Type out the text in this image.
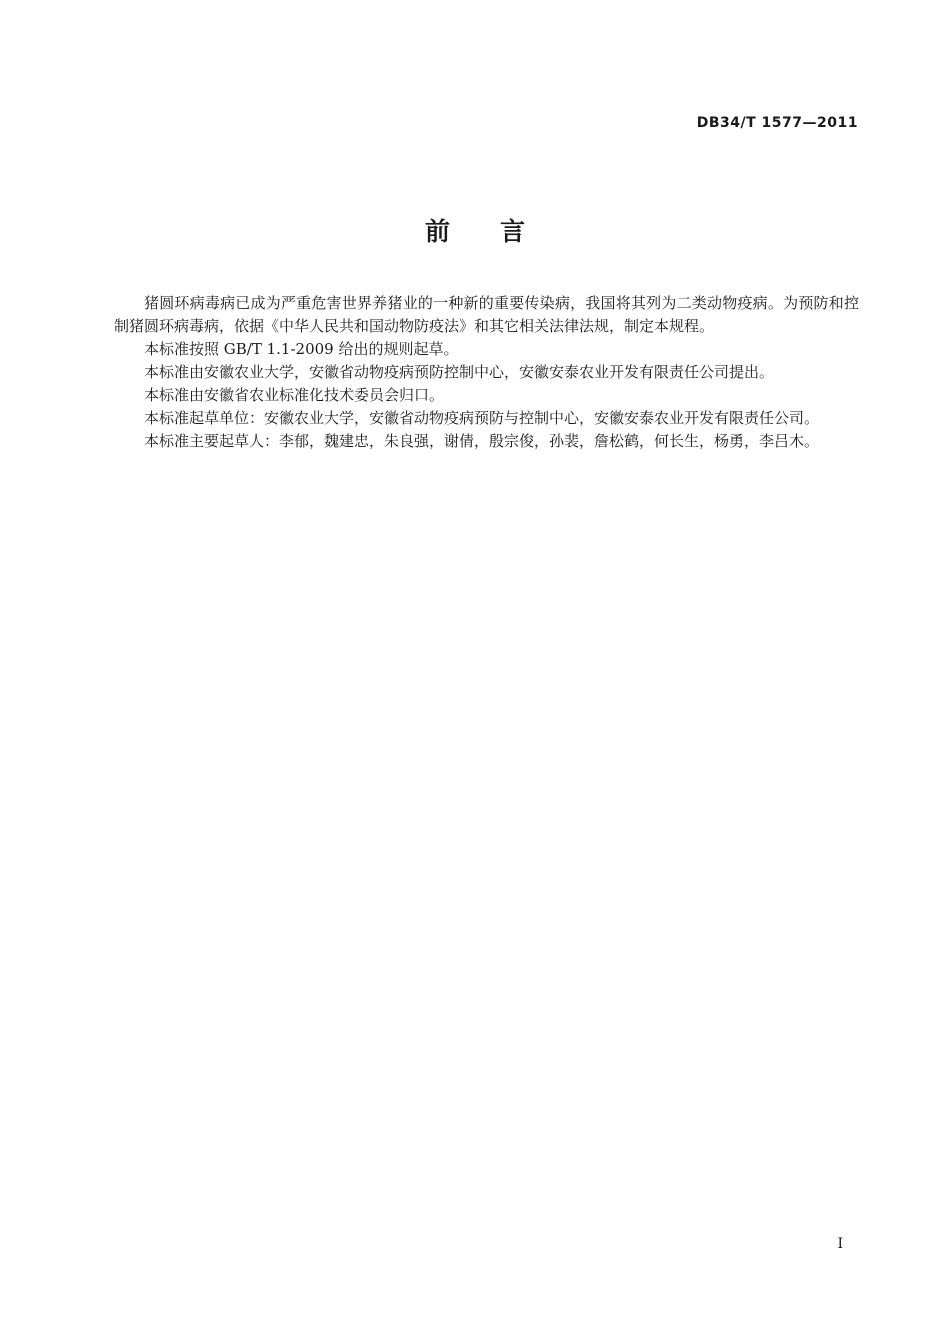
DB34/T 1577—2011
前言

猪圆环病毒病已成为严重危害世界养猪业的一种新的重要传染病，我国将其列为二类动物疫病。为预防和控制猪圆环病毒病，依据《中华人民共和国动物防疫法》和其它相关法律法规，制定本规程。

本标准按照 GB/T 1.1-2009 给出的规则起草。

本标准由安徽农业大学，安徽省动物疫病预防控制中心，安徽安泰农业开发有限责任公司提出。

本标准由安徽省农业标准化技术委员会归口。

本标准起草单位：安徽农业大学，安徽省动物疫病预防与控制中心，安徽安泰农业开发有限责任公司。

本标准主要起草人：李郁，魏建忠，朱良强，谢倩，殷宗俊，孙裴，詹松鹤，何长生，杨勇，李吕木。

I
